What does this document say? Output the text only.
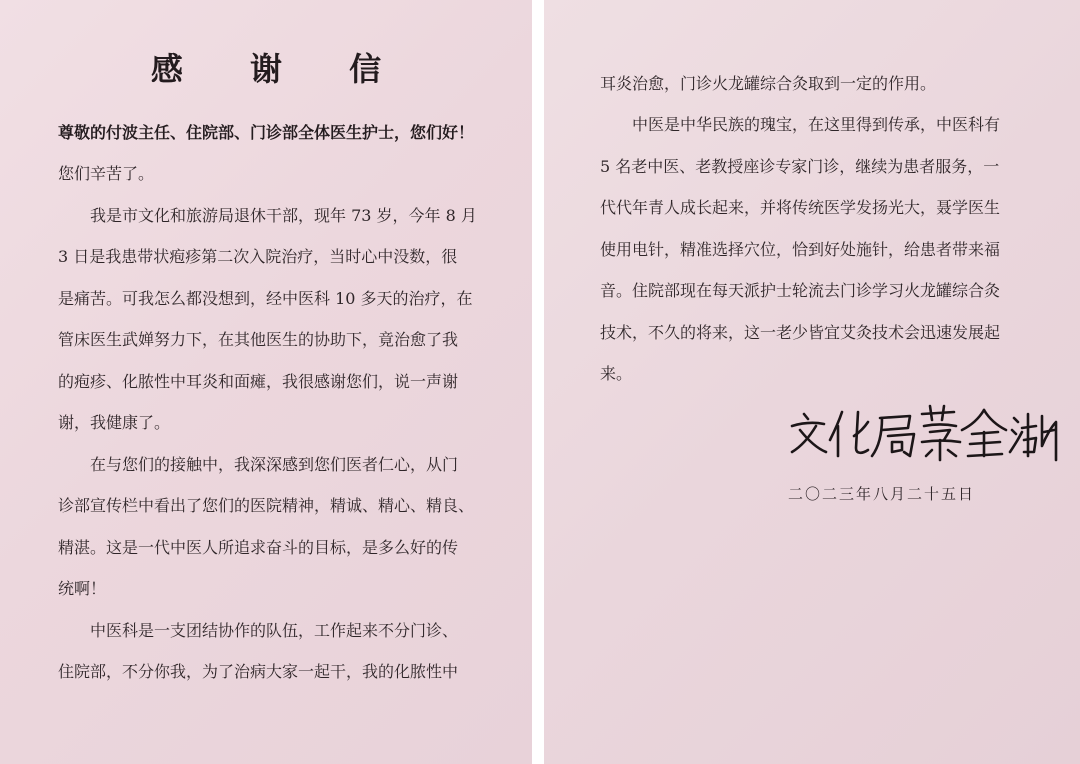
感 谢 信
尊敬的付波主任、住院部、门诊部全体医生护士，您们好！
您们辛苦了。
我是市文化和旅游局退休干部，现年 73 岁，今年 8 月
3 日是我患带状疱疹第二次入院治疗，当时心中没数，很
是痛苦。可我怎么都没想到，经中医科 10 多天的治疗，在
管床医生武婵努力下，在其他医生的协助下，竟治愈了我
的疱疹、化脓性中耳炎和面瘫，我很感谢您们，说一声谢
谢，我健康了。
在与您们的接触中，我深深感到您们医者仁心，从门
诊部宣传栏中看出了您们的医院精神，精诚、精心、精良、
精湛。这是一代中医人所追求奋斗的目标，是多么好的传
统啊！
中医科是一支团结协作的队伍，工作起来不分门诊、
住院部，不分你我，为了治病大家一起干，我的化脓性中
耳炎治愈，门诊火龙罐综合灸取到一定的作用。
中医是中华民族的瑰宝，在这里得到传承，中医科有
5 名老中医、老教授座诊专家门诊，继续为患者服务，一
代代年青人成长起来，并将传统医学发扬光大，聂学医生
使用电针，精准选择穴位，恰到好处施针，给患者带来福
音。住院部现在每天派护士轮流去门诊学习火龙罐综合灸
技术，不久的将来，这一老少皆宜艾灸技术会迅速发展起
来。
二〇二三年八月二十五日
